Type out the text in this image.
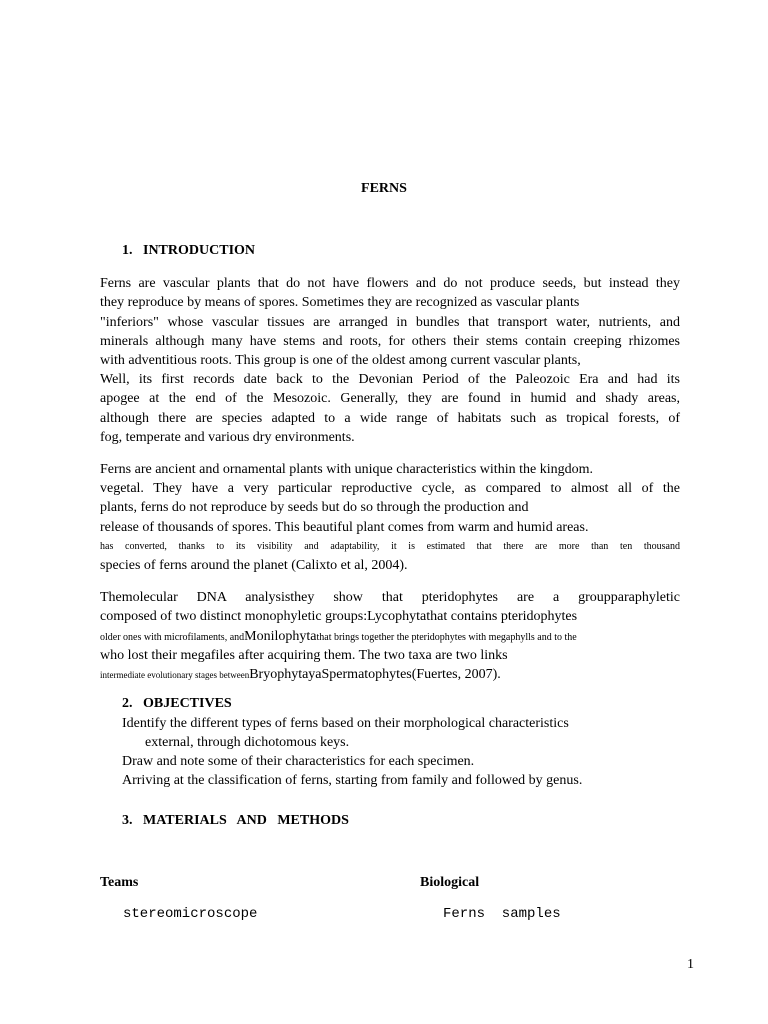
FERNS
1.   INTRODUCTION

Ferns are vascular plants that do not have flowers and do not produce seeds, but instead they

they reproduce by means of spores. Sometimes they are recognized as vascular plants

"inferiors" whose vascular tissues are arranged in bundles that transport water, nutrients, and

minerals although many have stems and roots, for others their stems contain creeping rhizomes

with adventitious roots. This group is one of the oldest among current vascular plants,

Well, its first records date back to the Devonian Period of the Paleozoic Era and had its

apogee at the end of the Mesozoic. Generally, they are found in humid and shady areas,

although there are species adapted to a wide range of habitats such as tropical forests, of

fog, temperate and various dry environments.

Ferns are ancient and ornamental plants with unique characteristics within the kingdom.

vegetal. They have a very particular reproductive cycle, as compared to almost all of the

plants, ferns do not reproduce by seeds but do so through the production and

release of thousands of spores. This beautiful plant comes from warm and humid areas.

has converted, thanks to its visibility and adaptability, it is estimated that there are more than ten thousand

species of ferns around the planet (Calixto et al, 2004).

Themolecular DNA analysisthey show that pteridophytes are a groupparaphyletic

composed of two distinct monophyletic groups:Lycophytathat contains pteridophytes

older ones with microfilaments, andMonilophytathat brings together the pteridophytes with megaphylls and to the

who lost their megafiles after acquiring them. The two taxa are two links

intermediate evolutionary stages betweenBryophytayaSpermatophytes(Fuertes, 2007).

2.   OBJECTIVES
Identify the different types of ferns based on their morphological characteristics
external, through dichotomous keys.
Draw and note some of their characteristics for each specimen.
Arriving at the classification of ferns, starting from family and followed by genus.
3.   MATERIALS   AND   METHODS
Teams	Biological
stereomicroscope	Ferns  samples
1
